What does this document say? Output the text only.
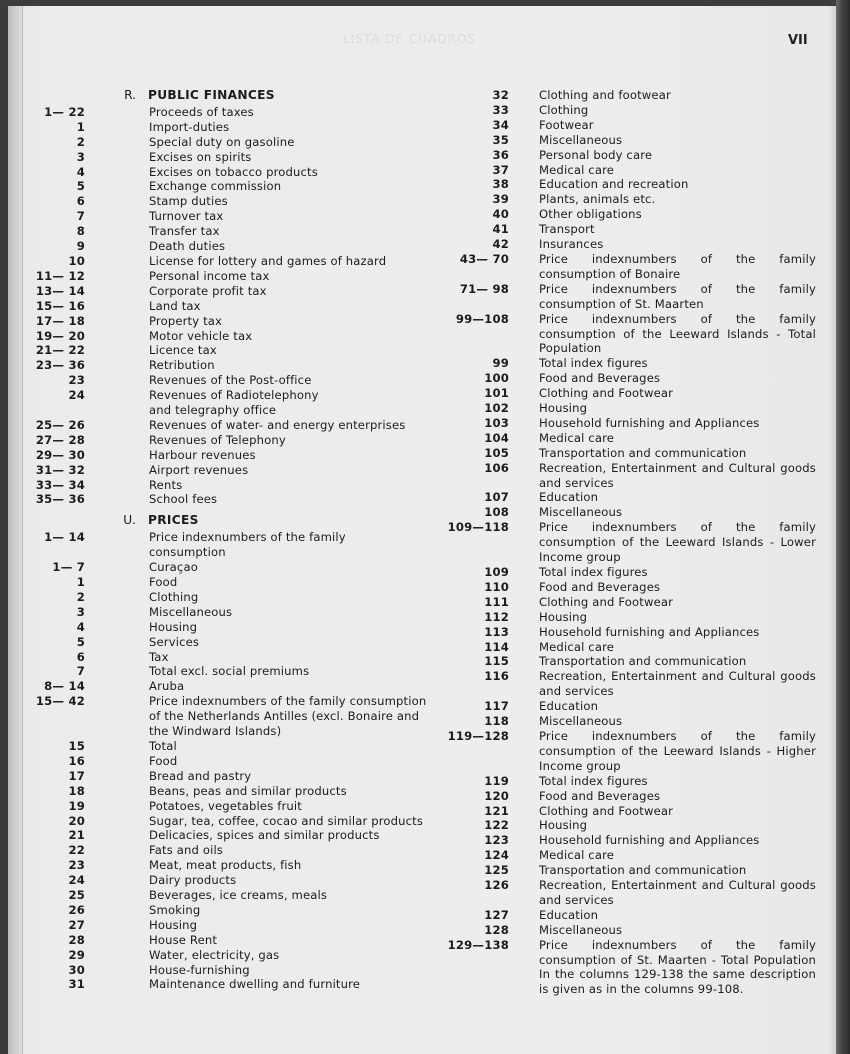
LISTA DE CUADROS	VII
R. PUBLIC FINANCES
1— 22	Proceeds of taxes
1	Import-duties
2	Special duty on gasoline
3	Excises on spirits
4	Excises on tobacco products
5	Exchange commission
6	Stamp duties
7	Turnover tax
8	Transfer tax
9	Death duties
10	License for lottery and games of hazard
11— 12	Personal income tax
13— 14	Corporate profit tax
15— 16	Land tax
17— 18	Property tax
19— 20	Motor vehicle tax
21— 22	Licence tax
23— 36	Retribution
23	Revenues of the Post-office
24	Revenues of Radiotelephony
and telegraphy office
25— 26	Revenues of water- and energy enterprises
27— 28	Revenues of Telephony
29— 30	Harbour revenues
31— 32	Airport revenues
33— 34	Rents
35— 36	School fees
U. PRICES
1— 14	Price indexnumbers of the family
consumption
1— 7	Curaçao
1	Food
2	Clothing
3	Miscellaneous
4	Housing
5	Services
6	Tax
7	Total excl. social premiums
8— 14	Aruba
15— 42	Price indexnumbers of the family consumption of the Netherlands Antilles (excl. Bonaire and the Windward Islands)
15	Total
16	Food
17	Bread and pastry
18	Beans, peas and similar products
19	Potatoes, vegetables fruit
20	Sugar, tea, coffee, cocao and similar products
21	Delicacies, spices and similar products
22	Fats and oils
23	Meat, meat products, fish
24	Dairy products
25	Beverages, ice creams, meals
26	Smoking
27	Housing
28	House Rent
29	Water, electricity, gas
30	House-furnishing
31	Maintenance dwelling and furniture
32	Clothing and footwear
33	Clothing
34	Footwear
35	Miscellaneous
36	Personal body care
37	Medical care
38	Education and recreation
39	Plants, animals etc.
40	Other obligations
41	Transport
42	Insurances
43— 70	Price indexnumbers of the family consumption of Bonaire
71— 98	Price indexnumbers of the family consumption of St. Maarten
99—108	Price indexnumbers of the family consumption of the Leeward Islands - Total Population
99	Total index figures
100	Food and Beverages
101	Clothing and Footwear
102	Housing
103	Household furnishing and Appliances
104	Medical care
105	Transportation and communication
106	Recreation, Entertainment and Cultural goods and services
107	Education
108	Miscellaneous
109—118	Price indexnumbers of the family consumption of the Leeward Islands - Lower Income group
109	Total index figures
110	Food and Beverages
111	Clothing and Footwear
112	Housing
113	Household furnishing and Appliances
114	Medical care
115	Transportation and communication
116	Recreation, Entertainment and Cultural goods and services
117	Education
118	Miscellaneous
119—128	Price indexnumbers of the family consumption of the Leeward Islands - Higher Income group
119	Total index figures
120	Food and Beverages
121	Clothing and Footwear
122	Housing
123	Household furnishing and Appliances
124	Medical care
125	Transportation and communication
126	Recreation, Entertainment and Cultural goods and services
127	Education
128	Miscellaneous
129—138	Price indexnumbers of the family consumption of St. Maarten - Total Population In the columns 129-138 the same description is given as in the columns 99-108.
